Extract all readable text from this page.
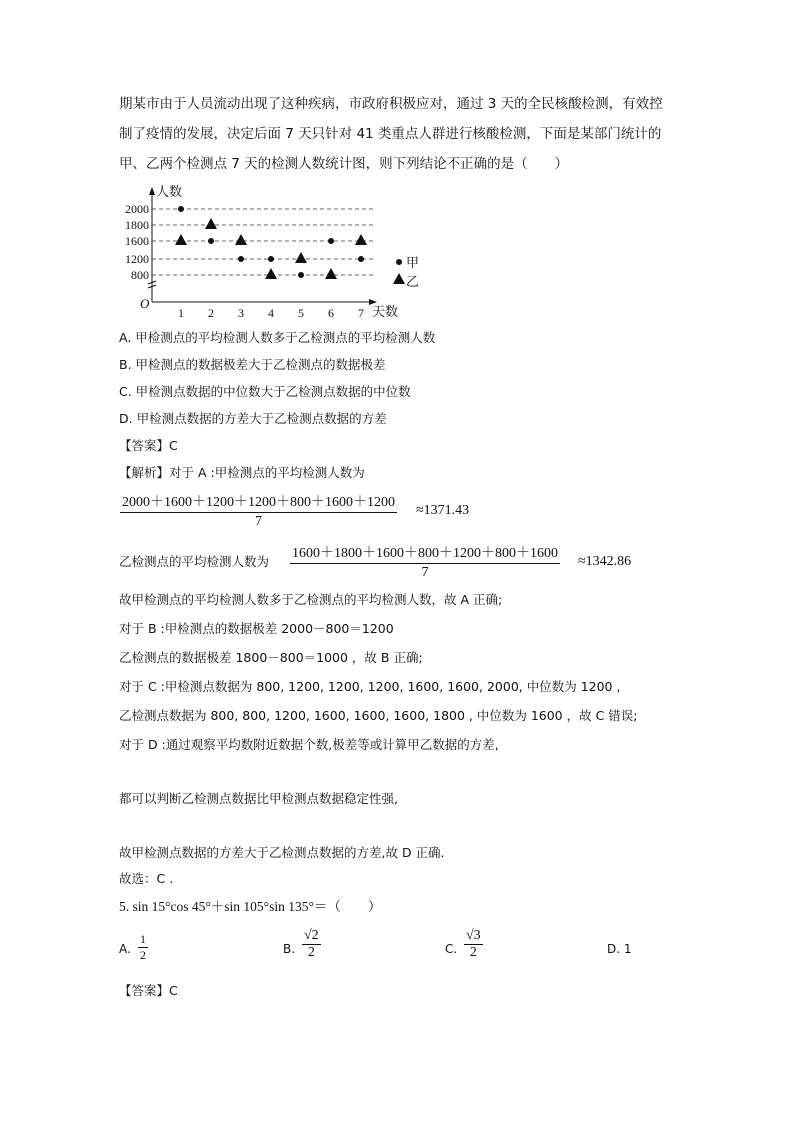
期某市由于人员流动出现了这种疾病，市政府积极应对，通过 3 天的全民核酸检测，有效控
制了疫情的发展，决定后面 7 天只针对 41 类重点人群进行核酸检测，下面是某部门统计的
甲、乙两个检测点 7 天的检测人数统计图，则下列结论不正确的是（　　）
800
1200
1600
1800
2000
1 2 3 4 5 6 7
人数
天数
O
甲
乙
A. 甲检测点的平均检测人数多于乙检测点的平均检测人数
B. 甲检测点的数据极差大于乙检测点的数据极差
C. 甲检测点数据的中位数大于乙检测点数据的中位数
D. 甲检测点数据的方差大于乙检测点数据的方差
【答案】C
【解析】对于 A :甲检测点的平均检测人数为
$\frac{2000+1600+1200+1200+800+1600+1200}{7} \approx 1371.43$
乙检测点的平均检测人数为 $\frac{1600+1800+1600+800+1200+800+1600}{7} \approx 1342.86$
故甲检测点的平均检测人数多于乙检测点的平均检测人数，故 A 正确;
对于 B :甲检测点的数据极差 2000－800＝1200
乙检测点的数据极差 1800－800＝1000 ，故 B 正确;
对于 C :甲检测点数据为 800, 1200, 1200, 1200, 1600, 1600, 2000, 中位数为 1200 ,
乙检测点数据为 800, 800, 1200, 1600, 1600, 1600, 1800 , 中位数为 1600 ，故 C 错误;
对于 D :通过观察平均数附近数据个数,极差等或计算甲乙数据的方差,
都可以判断乙检测点数据比甲检测点数据稳定性强,
故甲检测点数据的方差大于乙检测点数据的方差,故 D 正确.
故选：C .
5. sin 15°cos 45°＋sin 105°sin 135°＝（　　）
A. $\frac{1}{2}$	B. $\frac{√2}{2}$	C. $\frac{√3}{2}$	D. 1
【答案】C
